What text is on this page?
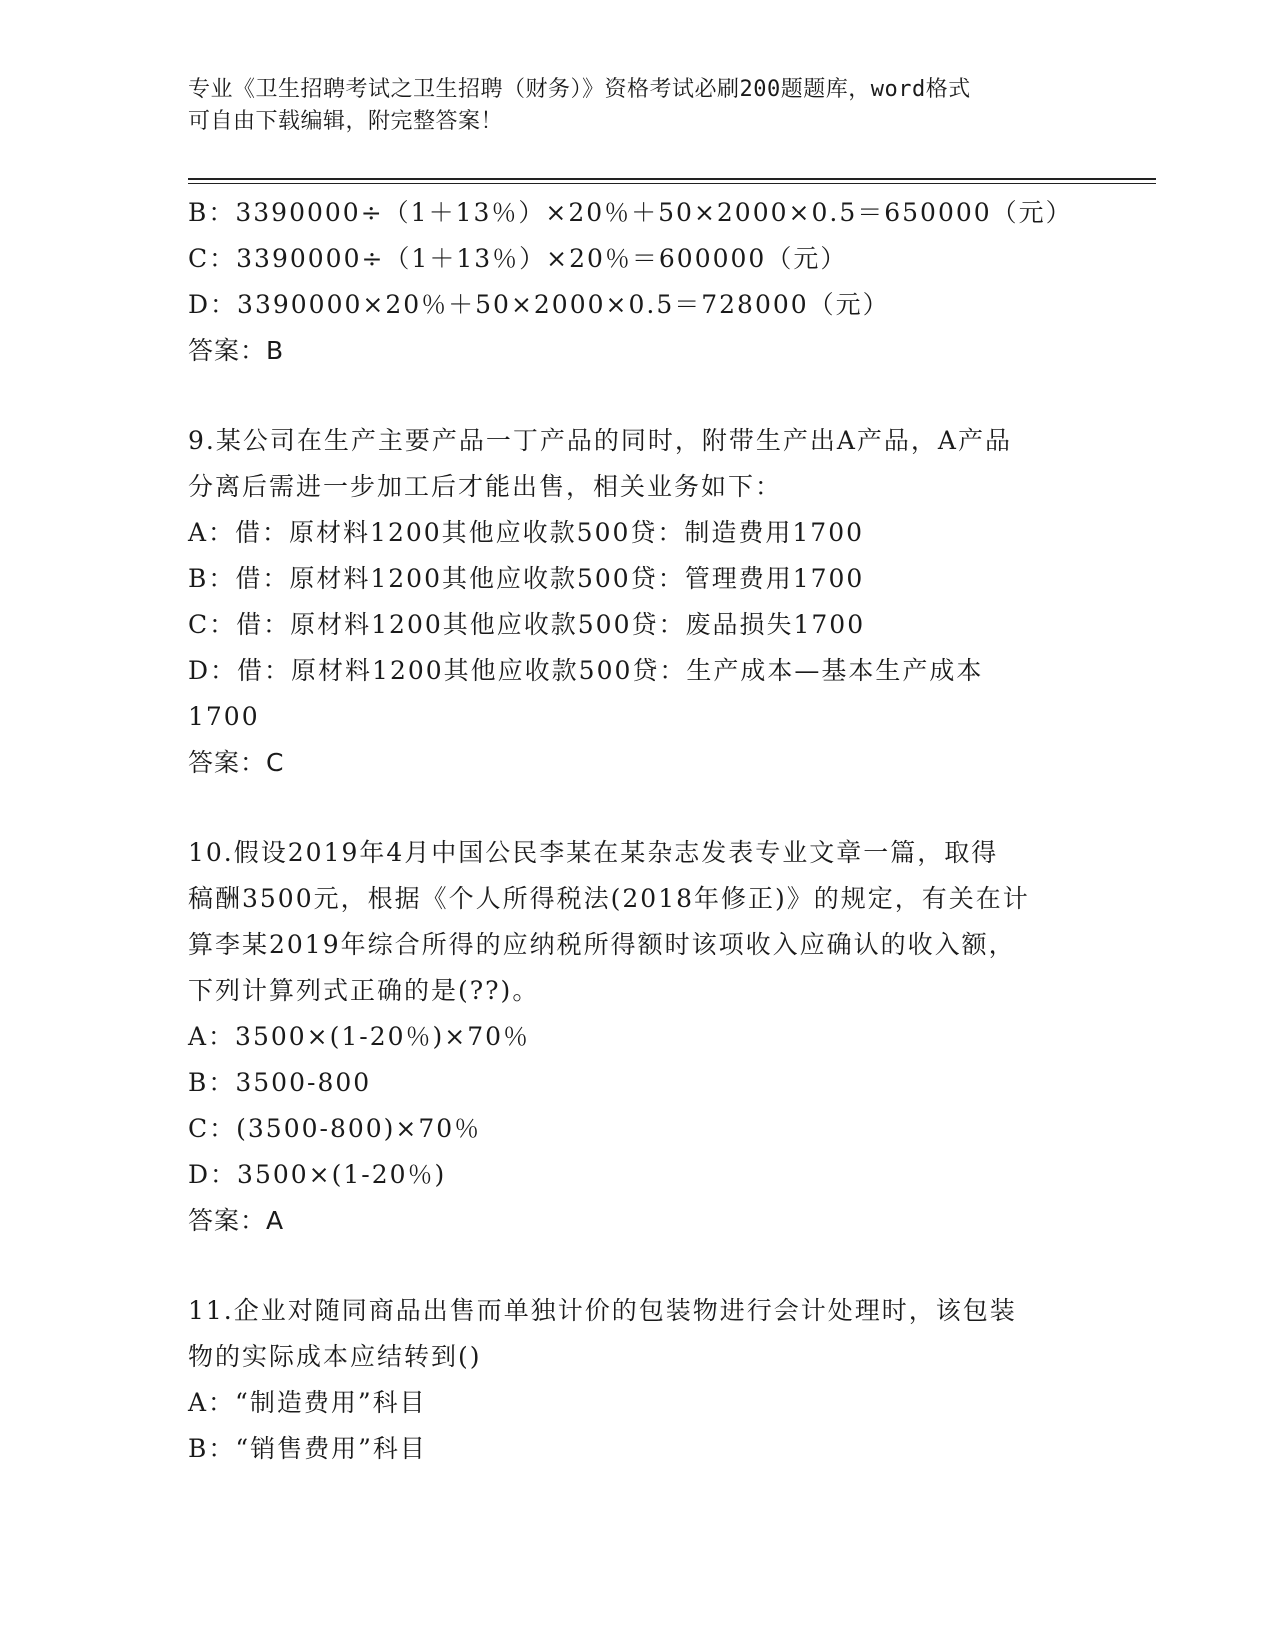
专业《卫生招聘考试之卫生招聘（财务）》资格考试必刷200题题库，word格式
可自由下载编辑，附完整答案！
B：3390000÷（1＋13％）×20％＋50×2000×0.5＝650000（元）
C：3390000÷（1＋13％）×20％＝600000（元）
D：3390000×20％＋50×2000×0.5＝728000（元）
答案：B
9.某公司在生产主要产品一丁产品的同时，附带生产出A产品，A产品
分离后需进一步加工后才能出售，相关业务如下：
A：借：原材料1200其他应收款500贷：制造费用1700
B：借：原材料1200其他应收款500贷：管理费用1700
C：借：原材料1200其他应收款500贷：废品损失1700
D：借：原材料1200其他应收款500贷：生产成本—基本生产成本
1700
答案：C
10.假设2019年4月中国公民李某在某杂志发表专业文章一篇，取得
稿酬3500元，根据《个人所得税法(2018年修正)》的规定，有关在计
算李某2019年综合所得的应纳税所得额时该项收入应确认的收入额，
下列计算列式正确的是(??)。
A：3500×(1-20％)×70％
B：3500-800
C：(3500-800)×70％
D：3500×(1-20％)
答案：A
11.企业对随同商品出售而单独计价的包装物进行会计处理时，该包装
物的实际成本应结转到()
A：“制造费用”科目
B：“销售费用”科目
